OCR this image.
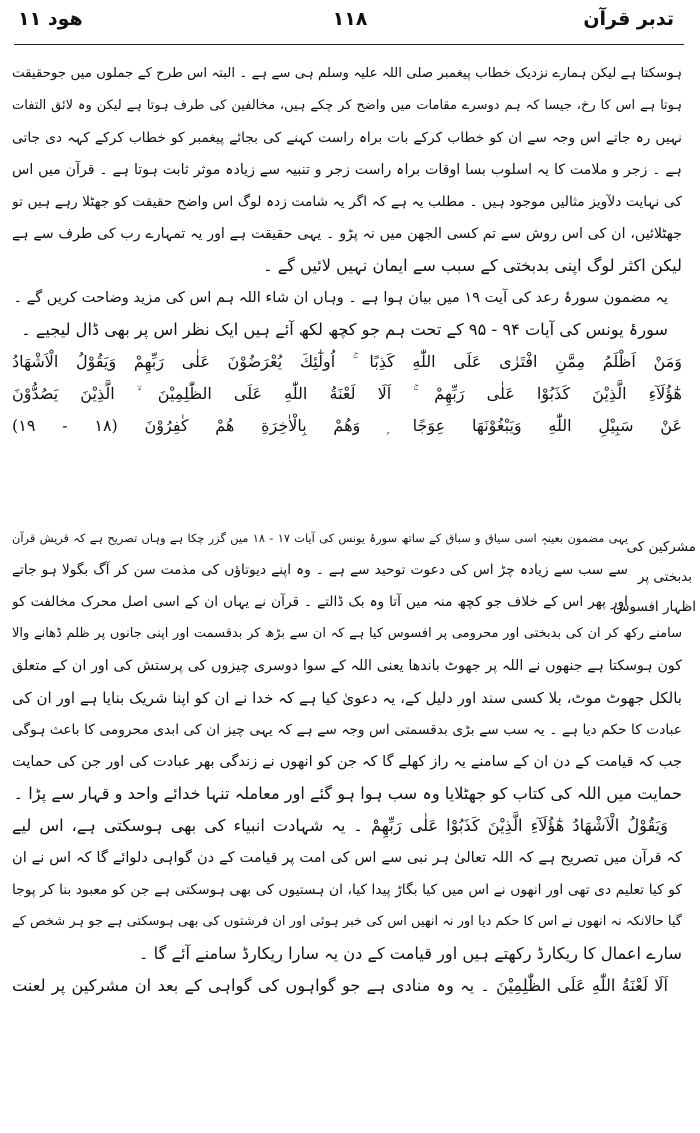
ھود ۱۱	۱۱۸	تدبر قرآن
ہوسکتا ہے لیکن ہمارے نزدیک خطاب پیغمبر صلی اللہ علیہ وسلم ہی سے ہے ۔ البتہ اس طرح کے جملوں میں جوحقیقت
ہوتا ہے اس کا رخ، جیسا کہ ہم دوسرے مقامات میں واضح کر چکے ہیں، مخالفین کی طرف ہوتا ہے لیکن وہ لائق التفات
نہیں رہ جاتے اس وجہ سے ان کو خطاب کرکے بات براہ راست کہنے کی بجائے پیغمبر کو خطاب کرکے کہہ دی جاتی
ہے ۔ زجر و ملامت کا یہ اسلوب بسا اوقات براہ راست زجر و تنبیہ سے زیادہ موثر ثابت ہوتا ہے ۔ قرآن میں اس
کی نہایت دلآویز مثالیں موجود ہیں ۔ مطلب یہ ہے کہ اگر یہ شامت زدہ لوگ اس واضح حقیقت کو جھٹلا رہے ہیں تو
جھٹلائیں، ان کی اس روش سے تم کسی الجھن میں نہ پڑو ۔ یہی حقیقت ہے اور یہ تمہارے رب کی طرف سے ہے
لیکن اکثر لوگ اپنی بدبختی کے سبب سے ایمان نہیں لائیں گے ۔
یہ مضمون سورۂ رعد کی آیت ۱۹ میں بیان ہوا ہے ۔ وہاں ان شاء اللہ ہم اس کی مزید وضاحت کریں گے ۔
سورۂ یونس کی آیات ۹۴ - ۹۵ کے تحت ہم جو کچھ لکھ آئے ہیں ایک نظر اس پر بھی ڈال لیجیے ۔
وَمَنْ اَظْلَمُ مِمَّنِ افْتَرٰى عَلَى اللّٰهِ كَذِبًا ۚ اُولٰٓئِكَ يُعْرَضُوْنَ عَلٰى رَبِّهِمْ وَيَقُوْلُ الْاَشْهَادُ
هٰٓؤُلَآءِ الَّذِيْنَ كَذَبُوْا عَلٰى رَبِّهِمْ ۚ اَلَا لَعْنَةُ اللّٰهِ عَلَى الظّٰلِمِيْنَ ۙ الَّذِيْنَ يَصُدُّوْنَ
عَنْ سَبِيْلِ اللّٰهِ وَيَبْغُوْنَهَا عِوَجًا ۭ وَهُمْ بِالْاٰخِرَةِ هُمْ كٰفِرُوْنَ (۱۸ - ۱۹)
مشرکین کی
بدبختی پر
اظہار افسوس
یہی مضمون بعینہٖ اسی سیاق و سباق کے ساتھ سورۂ یونس کی آیات ۱۷ - ۱۸ میں گزر چکا ہے وہاں تصریح ہے کہ قریش قرآن
سے سب سے زیادہ چڑ اس کی دعوت توحید سے ہے ۔ وہ اپنے دیوتاؤں کی مذمت سن کر آگ بگولا ہو جاتے
اور پھر اس کے خلاف جو کچھ منہ میں آتا وہ بک ڈالتے ۔ قرآن نے یہاں ان کے اسی اصل محرک مخالفت کو
سامنے رکھ کر ان کی بدبختی اور محرومی پر افسوس کیا ہے کہ ان سے بڑھ کر بدقسمت اور اپنی جانوں پر ظلم ڈھانے والا
کون ہوسکتا ہے جنھوں نے اللہ پر جھوٹ باندھا یعنی اللہ کے سوا دوسری چیزوں کی پرستش کی اور ان کے متعلق
بالکل جھوٹ موٹ، بلا کسی سند اور دلیل کے، یہ دعویٰ کیا ہے کہ خدا نے ان کو اپنا شریک بنایا ہے اور ان کی
عبادت کا حکم دیا ہے ۔ یہ سب سے بڑی بدقسمتی اس وجہ سے ہے کہ یہی چیز ان کی ابدی محرومی کا باعث ہوگی
جب کہ قیامت کے دن ان کے سامنے یہ راز کھلے گا کہ جن کو انھوں نے زندگی بھر عبادت کی اور جن کی حمایت
حمایت میں اللہ کی کتاب کو جھٹلایا وہ سب ہوا ہو گئے اور معاملہ تنہا خدائے واحد و قہار سے پڑا ۔
وَيَقُوْلُ الْاَشْهَادُ هٰٓؤُلَآءِ الَّذِيْنَ كَذَبُوْا عَلٰى رَبِّهِمْ ۔ یہ شہادت انبیاء کی بھی ہوسکتی ہے، اس لیے
کہ قرآن میں تصریح ہے کہ اللہ تعالیٰ ہر نبی سے اس کی امت پر قیامت کے دن گواہی دلوائے گا کہ اس نے ان
کو کیا تعلیم دی تھی اور انھوں نے اس میں کیا بگاڑ پیدا کیا، ان ہستیوں کی بھی ہوسکتی ہے جن کو معبود بنا کر پوجا
گیا حالانکہ نہ انھوں نے اس کا حکم دیا اور نہ انھیں اس کی خبر ہوئی اور ان فرشتوں کی بھی ہوسکتی ہے جو ہر شخص کے
سارے اعمال کا ریکارڈ رکھتے ہیں اور قیامت کے دن یہ سارا ریکارڈ سامنے آئے گا ۔
اَلَا لَعْنَةُ اللّٰهِ عَلَى الظّٰلِمِيْنَ ۔ یہ وہ منادی ہے جو گواہوں کی گواہی کے بعد ان مشرکین پر لعنت
